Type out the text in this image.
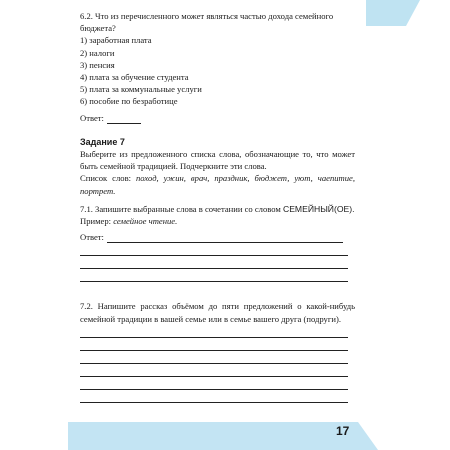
6.2. Что из перечисленного может являться частью дохода семейного бюджета?

1) заработная плата

2) налоги

3) пенсия

4) плата за обучение студента

5) плата за коммунальные услуги

6) пособие по безработице

Ответ:
Задание 7

Выберите из предложенного списка слова, обозначающие то, что может быть семейной традицией. Подчеркните эти слова.

Список слов: поход, ужин, врач, праздник, бюджет, уют, чаепитие, портрет.

7.1. Запишите выбранные слова в сочетании со словом СЕМЕЙНЫЙ(ОЕ).

Пример: семейное чтение.

Ответ:

7.2. Напишите рассказ объёмом до пяти предложений о какой-нибудь семейной традиции в вашей семье или в семье вашего друга (подруги).

17
